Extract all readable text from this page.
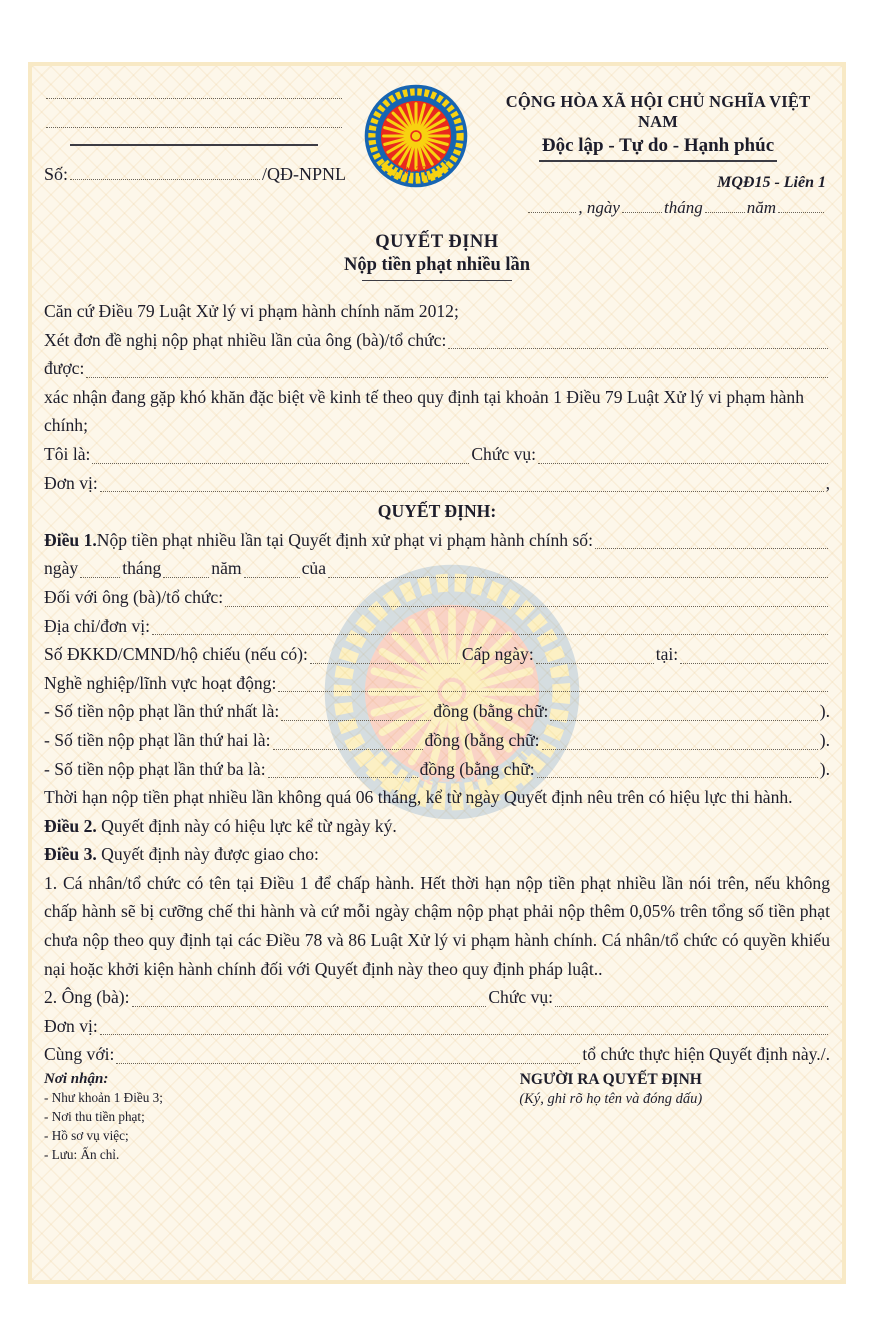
Số:	/QĐ-NPNL
CỘNG HÒA XÃ HỘI CHỦ NGHĨA VIỆT NAM
Độc lập - Tự do - Hạnh phúc
MQĐ15 - Liên 1
, ngày	tháng	năm
QUYẾT ĐỊNH
Nộp tiền phạt nhiều lần
Căn cứ Điều 79 Luật Xử lý vi phạm hành chính năm 2012;
Xét đơn đề nghị nộp phạt nhiều lần của ông (bà)/tổ chức:
được:
xác nhận đang gặp khó khăn đặc biệt về kinh tế theo quy định tại khoản 1 Điều 79 Luật Xử lý vi phạm hành chính;
Tôi là:	Chức vụ:
Đơn vị:	,
QUYẾT ĐỊNH:
Điều 1. Nộp tiền phạt nhiều lần tại Quyết định xử phạt vi phạm hành chính số:
ngày	tháng	năm	của
Đối với ông (bà)/tổ chức:
Địa chỉ/đơn vị:
Số ĐKKD/CMND/hộ chiếu (nếu có):	Cấp ngày:	tại:
Nghề nghiệp/lĩnh vực hoạt động:
- Số tiền nộp phạt lần thứ nhất là:	đồng (bằng chữ:	).
- Số tiền nộp phạt lần thứ hai là:	đồng (bằng chữ:	).
- Số tiền nộp phạt lần thứ ba là:	đồng (bằng chữ:	).
Thời hạn nộp tiền phạt nhiều lần không quá 06 tháng, kể từ ngày Quyết định nêu trên có hiệu lực thi hành.
Điều 2. Quyết định này có hiệu lực kể từ ngày ký.
Điều 3. Quyết định này được giao cho:
1. Cá nhân/tổ chức có tên tại Điều 1 để chấp hành. Hết thời hạn nộp tiền phạt nhiều lần nói trên, nếu không chấp hành sẽ bị cưỡng chế thi hành và cứ mỗi ngày chậm nộp phạt phải nộp thêm 0,05% trên tổng số tiền phạt chưa nộp theo quy định tại các Điều 78 và 86 Luật Xử lý vi phạm hành chính. Cá nhân/tổ chức có quyền khiếu nại hoặc khởi kiện hành chính đối với Quyết định này theo quy định pháp luật..
2. Ông (bà):	Chức vụ:
Đơn vị:
Cùng với:	tổ chức thực hiện Quyết định này./.
Nơi nhận:
- Như khoản 1 Điều 3;
- Nơi thu tiền phạt;
- Hồ sơ vụ việc;
- Lưu: Ấn chỉ.
NGƯỜI RA QUYẾT ĐỊNH
(Ký, ghi rõ họ tên và đóng dấu)
